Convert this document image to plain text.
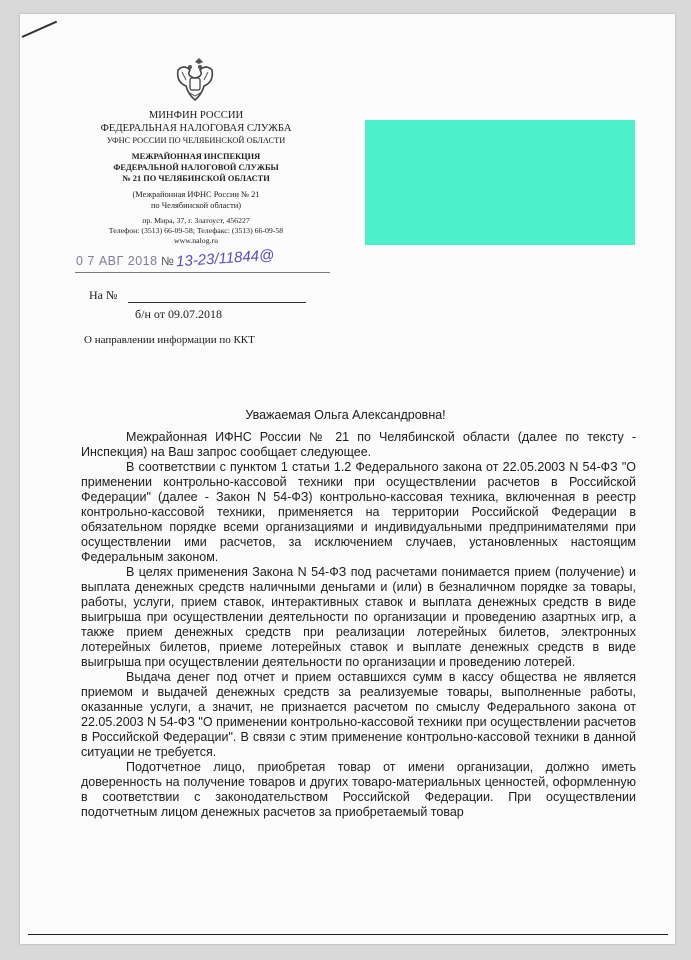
МИНФИН РОССИИ
ФЕДЕРАЛЬНАЯ НАЛОГОВАЯ СЛУЖБА
УФНС РОССИИ ПО ЧЕЛЯБИНСКОЙ ОБЛАСТИ
МЕЖРАЙОННАЯ ИНСПЕКЦИЯ
ФЕДЕРАЛЬНОЙ НАЛОГОВОЙ СЛУЖБЫ
№ 21 ПО ЧЕЛЯБИНСКОЙ ОБЛАСТИ
(Межрайонная ИФНС России № 21
по Челябинской области)
пр. Мира, 37, г. Златоуст, 456227
Телефон: (3513) 66-09-58; Телефакс: (3513) 66-09-58
www.nalog.ru
0 7 АВГ 2018 № 13-23/11844@
На №
б/н от 09.07.2018
О направлении информации по ККТ
Уважаемая Ольга Александровна!

Межрайонная ИФНС России № 21 по Челябинской области (далее по тексту - Инспекция) на Ваш запрос сообщает следующее.

В соответствии с пунктом 1 статьи 1.2 Федерального закона от 22.05.2003 N 54-ФЗ "О применении контрольно-кассовой техники при осуществлении расчетов в Российской Федерации" (далее - Закон N 54-ФЗ) контрольно-кассовая техника, включенная в реестр контрольно-кассовой техники, применяется на территории Российской Федерации в обязательном порядке всеми организациями и индивидуальными предпринимателями при осуществлении ими расчетов, за исключением случаев, установленных настоящим Федеральным законом.

В целях применения Закона N 54-ФЗ под расчетами понимается прием (получение) и выплата денежных средств наличными деньгами и (или) в безналичном порядке за товары, работы, услуги, прием ставок, интерактивных ставок и выплата денежных средств в виде выигрыша при осуществлении деятельности по организации и проведению азартных игр, а также прием денежных средств при реализации лотерейных билетов, электронных лотерейных билетов, приеме лотерейных ставок и выплате денежных средств в виде выигрыша при осуществлении деятельности по организации и проведению лотерей.

Выдача денег под отчет и прием оставшихся сумм в кассу общества не является приемом и выдачей денежных средств за реализуемые товары, выполненные работы, оказанные услуги, а значит, не признается расчетом по смыслу Федерального закона от 22.05.2003 N 54-ФЗ "О применении контрольно-кассовой техники при осуществлении расчетов в Российской Федерации". В связи с этим применение контрольно-кассовой техники в данной ситуации не требуется.

Подотчетное лицо, приобретая товар от имени организации, должно иметь доверенность на получение товаров и других товаро-материальных ценностей, оформленную в соответствии с законодательством Российской Федерации. При осуществлении подотчетным лицом денежных расчетов за приобретаемый товар
